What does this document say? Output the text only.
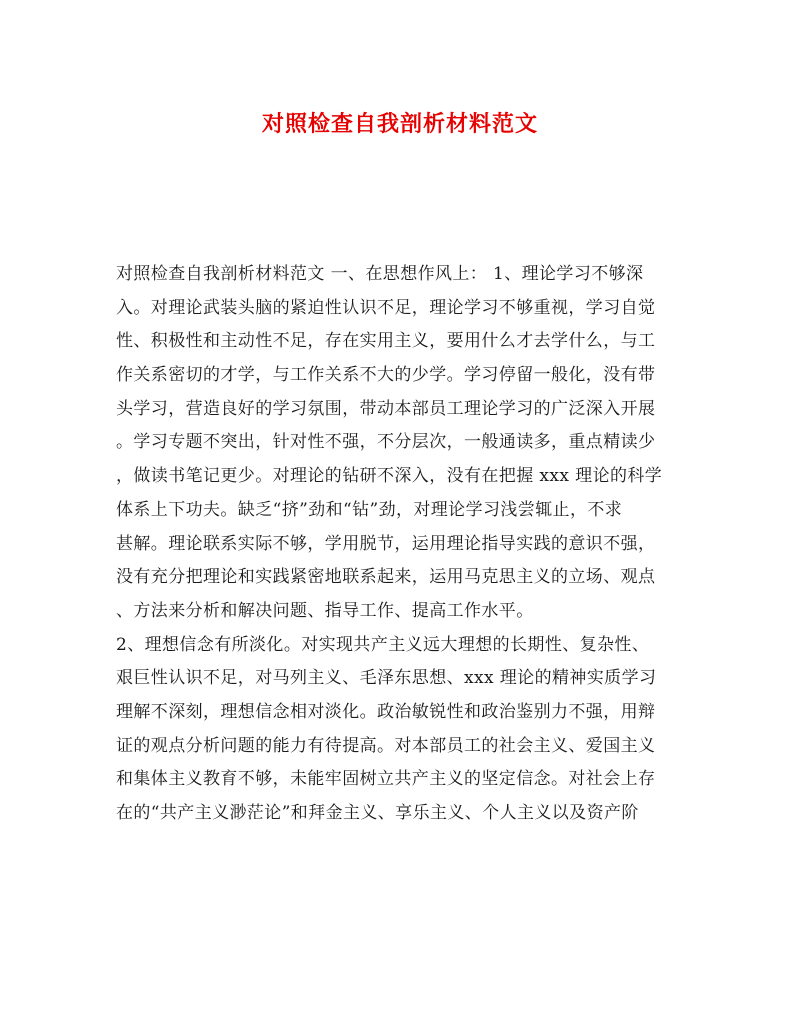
对照检查自我剖析材料范文
对照检查自我剖析材料范文 一、在思想作风上： 1、理论学习不够深
入。对理论武装头脑的紧迫性认识不足，理论学习不够重视，学习自觉
性、积极性和主动性不足，存在实用主义，要用什么才去学什么，与工
作关系密切的才学，与工作关系不大的少学。学习停留一般化，没有带
头学习，营造良好的学习氛围，带动本部员工理论学习的广泛深入开展
。学习专题不突出，针对性不强，不分层次，一般通读多，重点精读少
，做读书笔记更少。对理论的钻研不深入，没有在把握 xxx 理论的科学
体系上下功夫。缺乏“挤”劲和“钻”劲，对理论学习浅尝辄止，不求
甚解。理论联系实际不够，学用脱节，运用理论指导实践的意识不强，
没有充分把理论和实践紧密地联系起来，运用马克思主义的立场、观点
、方法来分析和解决问题、指导工作、提高工作水平。
2、理想信念有所淡化。对实现共产主义远大理想的长期性、复杂性、
艰巨性认识不足，对马列主义、毛泽东思想、xxx 理论的精神实质学习
理解不深刻，理想信念相对淡化。政治敏锐性和政治鉴别力不强，用辩
证的观点分析问题的能力有待提高。对本部员工的社会主义、爱国主义
和集体主义教育不够，未能牢固树立共产主义的坚定信念。对社会上存
在的“共产主义渺茫论”和拜金主义、享乐主义、个人主义以及资产阶
